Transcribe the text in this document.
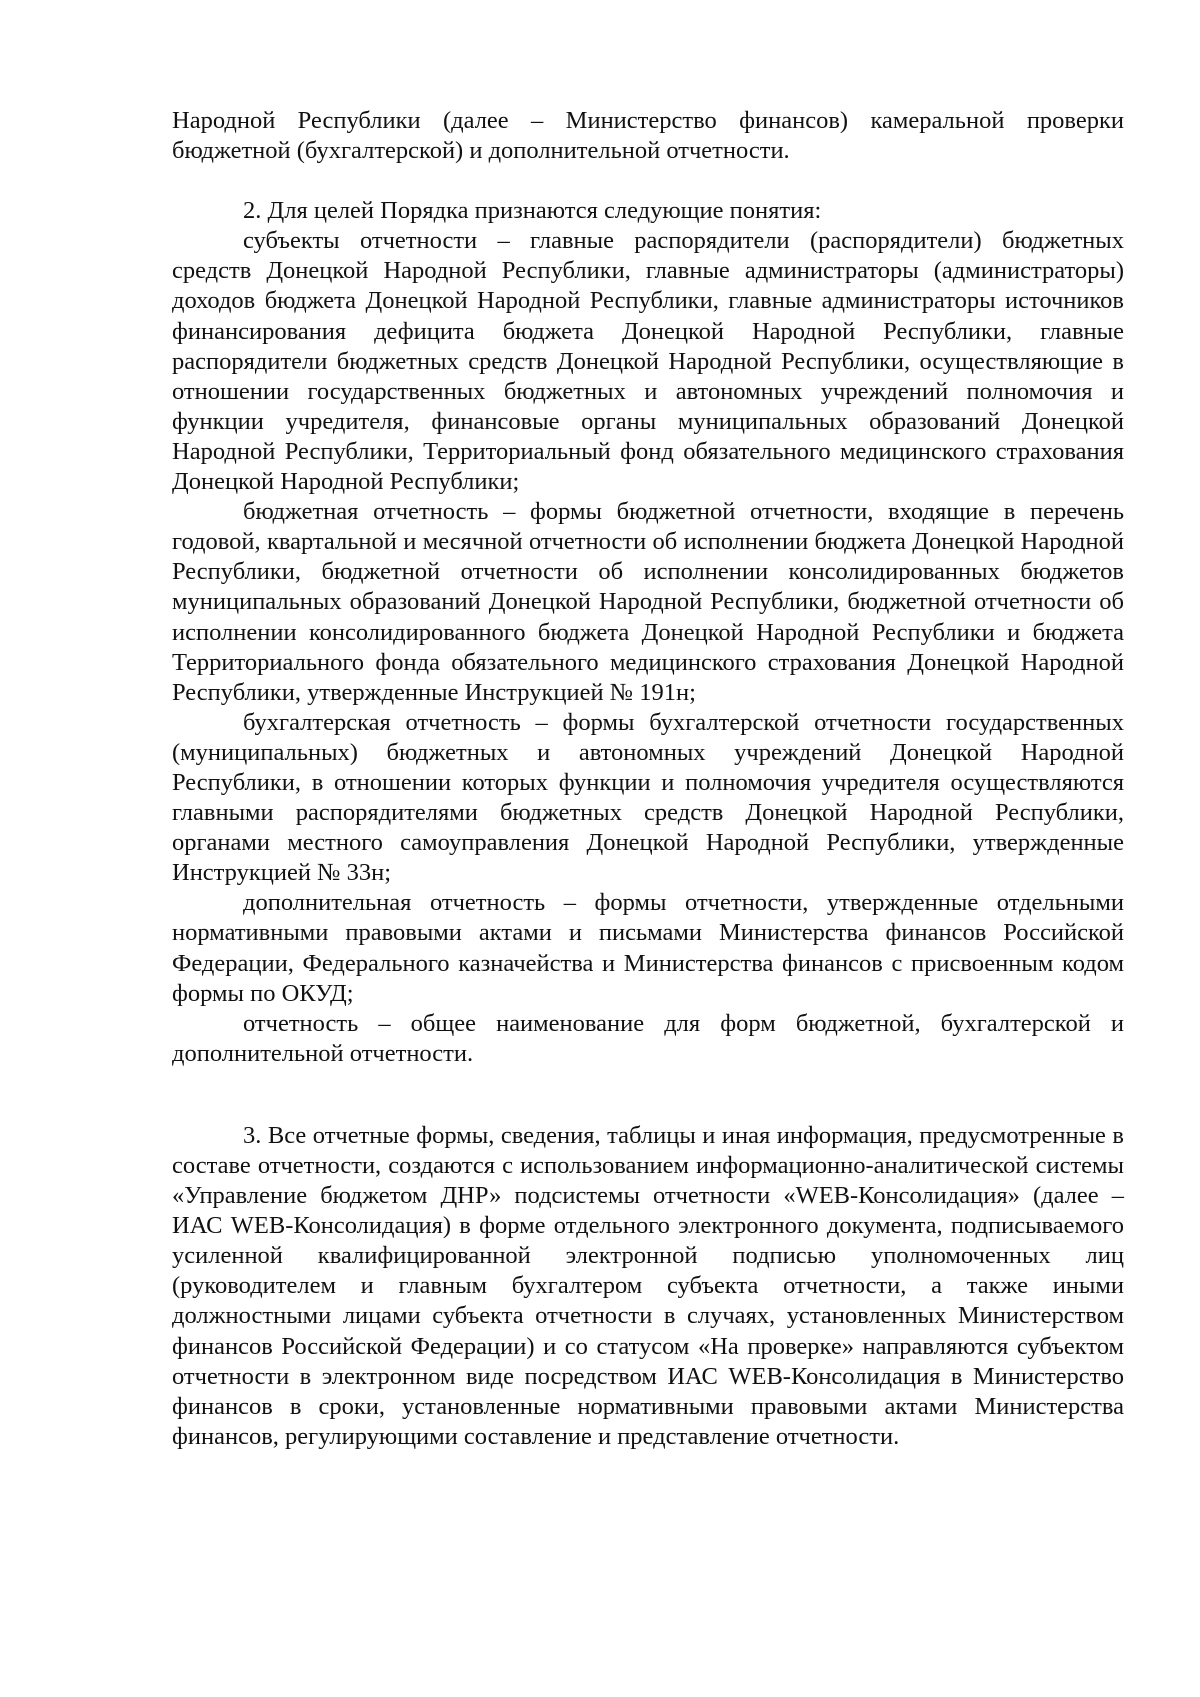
Народной Республики (далее – Министерство финансов) камеральной проверки бюджетной (бухгалтерской) и дополнительной отчетности.

2. Для целей Порядка признаются следующие понятия:

субъекты отчетности – главные распорядители (распорядители) бюджетных средств Донецкой Народной Республики, главные администраторы (администраторы) доходов бюджета Донецкой Народной Республики, главные администраторы источников финансирования дефицита бюджета Донецкой Народной Республики, главные распорядители бюджетных средств Донецкой Народной Республики, осуществляющие в отношении государственных бюджетных и автономных учреждений полномочия и функции учредителя, финансовые органы муниципальных образований Донецкой Народной Республики, Территориальный фонд обязательного медицинского страхования Донецкой Народной Республики;

бюджетная отчетность – формы бюджетной отчетности, входящие в перечень годовой, квартальной и месячной отчетности об исполнении бюджета Донецкой Народной Республики, бюджетной отчетности об исполнении консолидированных бюджетов муниципальных образований Донецкой Народной Республики, бюджетной отчетности об исполнении консолидированного бюджета Донецкой Народной Республики и бюджета Территориального фонда обязательного медицинского страхования Донецкой Народной Республики, утвержденные Инструкцией № 191н;

бухгалтерская отчетность – формы бухгалтерской отчетности государственных (муниципальных) бюджетных и автономных учреждений Донецкой Народной Республики, в отношении которых функции и полномочия учредителя осуществляются главными распорядителями бюджетных средств Донецкой Народной Республики, органами местного самоуправления Донецкой Народной Республики, утвержденные Инструкцией № 33н;

дополнительная отчетность – формы отчетности, утвержденные отдельными нормативными правовыми актами и письмами Министерства финансов Российской Федерации, Федерального казначейства и Министерства финансов с присвоенным кодом формы по ОКУД;

отчетность – общее наименование для форм бюджетной, бухгалтерской и дополнительной отчетности.

3. Все отчетные формы, сведения, таблицы и иная информация, предусмотренные в составе отчетности, создаются с использованием информационно-аналитической системы «Управление бюджетом ДНР» подсистемы отчетности «WEB-Консолидация» (далее – ИАС WEB-Консолидация) в форме отдельного электронного документа, подписываемого усиленной квалифицированной электронной подписью уполномоченных лиц (руководителем и главным бухгалтером субъекта отчетности, а также иными должностными лицами субъекта отчетности в случаях, установленных Министерством финансов Российской Федерации) и со статусом «На проверке» направляются субъектом отчетности в электронном виде посредством ИАС WEB-Консолидация в Министерство финансов в сроки, установленные нормативными правовыми актами Министерства финансов, регулирующими составление и представление отчетности.
